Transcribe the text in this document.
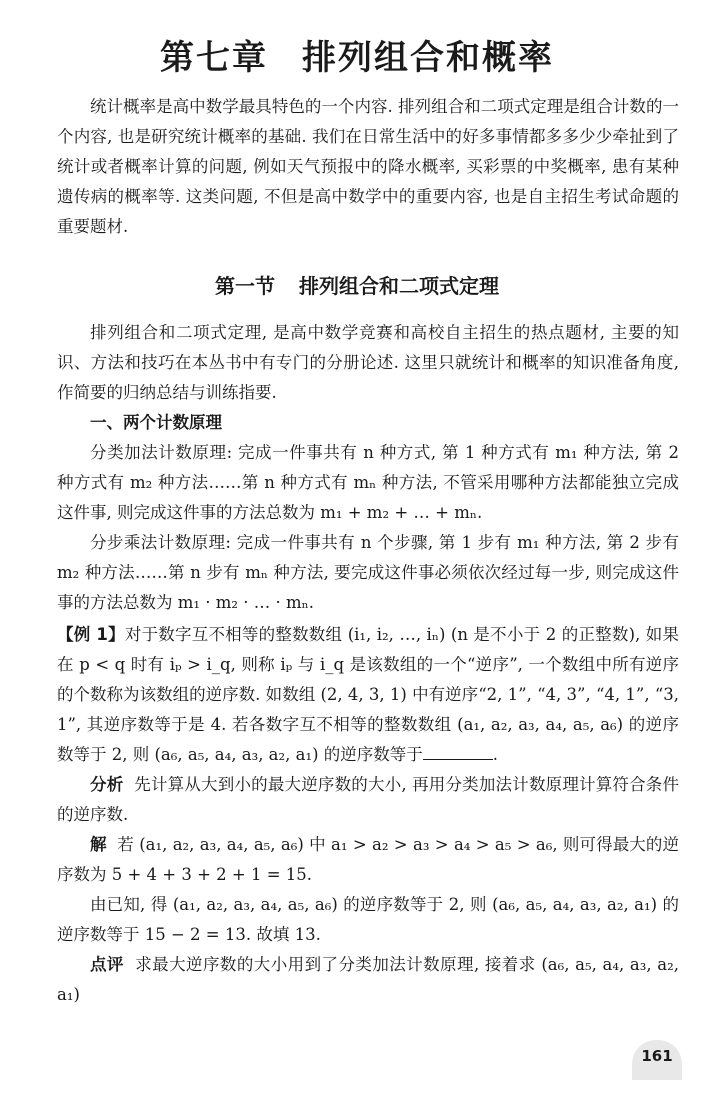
第七章 排列组合和概率

统计概率是高中数学最具特色的一个内容. 排列组合和二项式定理是组合计数的一个内容, 也是研究统计概率的基础. 我们在日常生活中的好多事情都多多少少牵扯到了统计或者概率计算的问题, 例如天气预报中的降水概率, 买彩票的中奖概率, 患有某种遗传病的概率等. 这类问题, 不但是高中数学中的重要内容, 也是自主招生考试命题的重要题材.

第一节 排列组合和二项式定理

排列组合和二项式定理, 是高中数学竞赛和高校自主招生的热点题材, 主要的知识、方法和技巧在本丛书中有专门的分册论述. 这里只就统计和概率的知识准备角度, 作简要的归纳总结与训练指要.

一、两个计数原理

分类加法计数原理: 完成一件事共有 n 种方式, 第 1 种方式有 m₁ 种方法, 第 2 种方式有 m₂ 种方法……第 n 种方式有 mₙ 种方法, 不管采用哪种方法都能独立完成这件事, 则完成这件事的方法总数为 m₁ + m₂ + … + mₙ.

分步乘法计数原理: 完成一件事共有 n 个步骤, 第 1 步有 m₁ 种方法, 第 2 步有 m₂ 种方法……第 n 步有 mₙ 种方法, 要完成这件事必须依次经过每一步, 则完成这件事的方法总数为 m₁ · m₂ · … · mₙ.

【例 1】对于数字互不相等的整数数组 (i₁, i₂, …, iₙ) (n 是不小于 2 的正整数), 如果在 p < q 时有 iₚ > i_q, 则称 iₚ 与 i_q 是该数组的一个“逆序”, 一个数组中所有逆序的个数称为该数组的逆序数. 如数组 (2, 4, 3, 1) 中有逆序“2, 1”, “4, 3”, “4, 1”, “3, 1”, 其逆序数等于是 4. 若各数字互不相等的整数数组 (a₁, a₂, a₃, a₄, a₅, a₆) 的逆序数等于 2, 则 (a₆, a₅, a₄, a₃, a₂, a₁) 的逆序数等于	.

分析 先计算从大到小的最大逆序数的大小, 再用分类加法计数原理计算符合条件的逆序数.

解 若 (a₁, a₂, a₃, a₄, a₅, a₆) 中 a₁ > a₂ > a₃ > a₄ > a₅ > a₆, 则可得最大的逆序数为 5 + 4 + 3 + 2 + 1 = 15.

由已知, 得 (a₁, a₂, a₃, a₄, a₅, a₆) 的逆序数等于 2, 则 (a₆, a₅, a₄, a₃, a₂, a₁) 的逆序数等于 15 − 2 = 13. 故填 13.

点评 求最大逆序数的大小用到了分类加法计数原理, 接着求 (a₆, a₅, a₄, a₃, a₂, a₁)

161
